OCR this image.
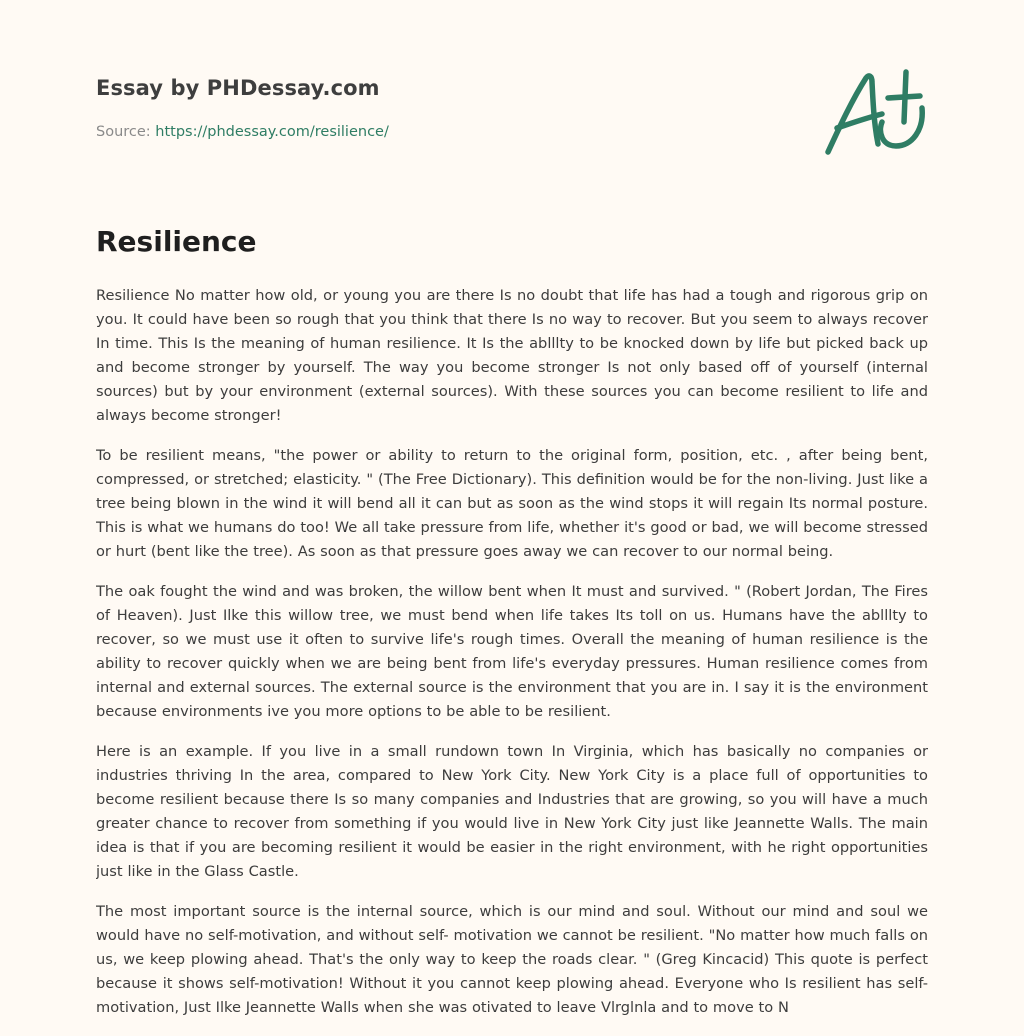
Essay by PHDessay.com
Source: https://phdessay.com/resilience/
Resilience

Resilience No matter how old, or young you are there Is no doubt that life has had a tough and rigorous grip on you. It could have been so rough that you think that there Is no way to recover. But you seem to always recover In time. This Is the meaning of human resilience. It Is the ablllty to be knocked down by life but picked back up and become stronger by yourself. The way you become stronger Is not only based off of yourself (internal sources) but by your environment (external sources). With these sources you can become resilient to life and always become stronger!

To be resilient means, "the power or ability to return to the original form, position, etc. , after being bent, compressed, or stretched; elasticity. " (The Free Dictionary). This definition would be for the non-living. Just like a tree being blown in the wind it will bend all it can but as soon as the wind stops it will regain Its normal posture. This is what we humans do too! We all take pressure from life, whether it's good or bad, we will become stressed or hurt (bent like the tree). As soon as that pressure goes away we can recover to our normal being.

The oak fought the wind and was broken, the willow bent when It must and survived. " (Robert Jordan, The Fires of Heaven). Just Ilke this willow tree, we must bend when life takes Its toll on us. Humans have the ablllty to recover, so we must use it often to survive life's rough times. Overall the meaning of human resilience is the ability to recover quickly when we are being bent from life's everyday pressures. Human resilience comes from internal and external sources. The external source is the environment that you are in. I say it is the environment because environments ive you more options to be able to be resilient.

Here is an example. If you live in a small rundown town In Virginia, which has basically no companies or industries thriving In the area, compared to New York City. New York City is a place full of opportunities to become resilient because there Is so many companies and Industries that are growing, so you will have a much greater chance to recover from something if you would live in New York City just like Jeannette Walls. The main idea is that if you are becoming resilient it would be easier in the right environment, with he right opportunities just like in the Glass Castle.

The most important source is the internal source, which is our mind and soul. Without our mind and soul we would have no self-motivation, and without self- motivation we cannot be resilient. "No matter how much falls on us, we keep plowing ahead. That's the only way to keep the roads clear. " (Greg Kincacid) This quote is perfect because it shows self-motivation! Without it you cannot keep plowing ahead. Everyone who Is resilient has self-motivation, Just Ilke Jeannette Walls when she was otivated to leave Vlrglnla and to move to N
